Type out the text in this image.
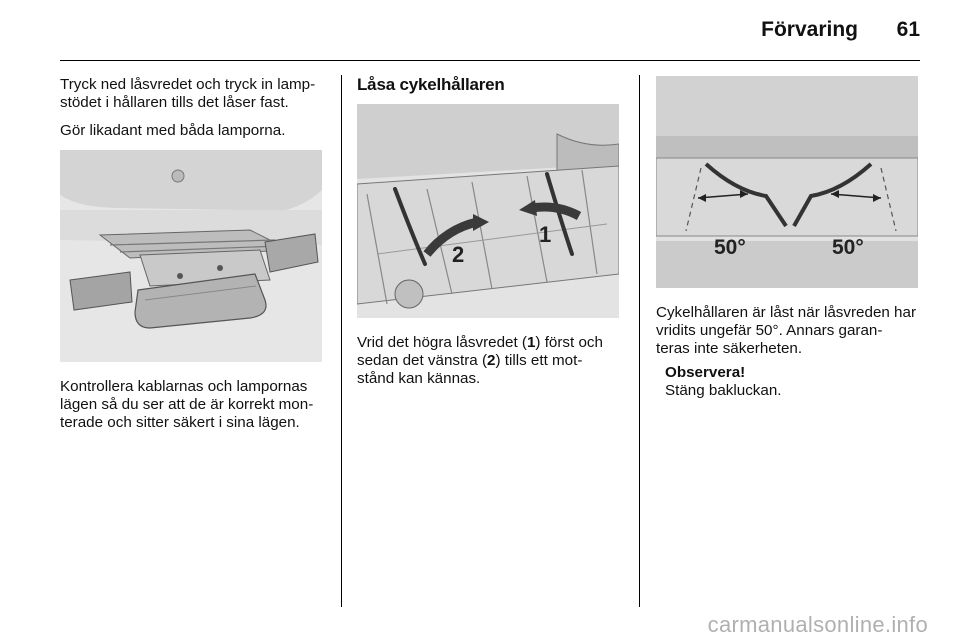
Förvaring 61

Tryck ned låsvredet och tryck in lamp-
stödet i hållaren tills det låser fast.

Gör likadant med båda lamporna.

Kontrollera kablarnas och lampornas lägen så du ser att de är korrekt mon-
terade och sitter säkert i sina lägen.

Låsa cykelhållaren
2
1

Vrid det högra låsvredet (1) först och sedan det vänstra (2) tills ett mot-
stånd kan kännas.

50°	50°

Cykelhållaren är låst när låsvreden har vridits ungefär 50°. Annars garan-
teras inte säkerheten.

Observera!
Stäng bakluckan.
carmanualsonline.info
